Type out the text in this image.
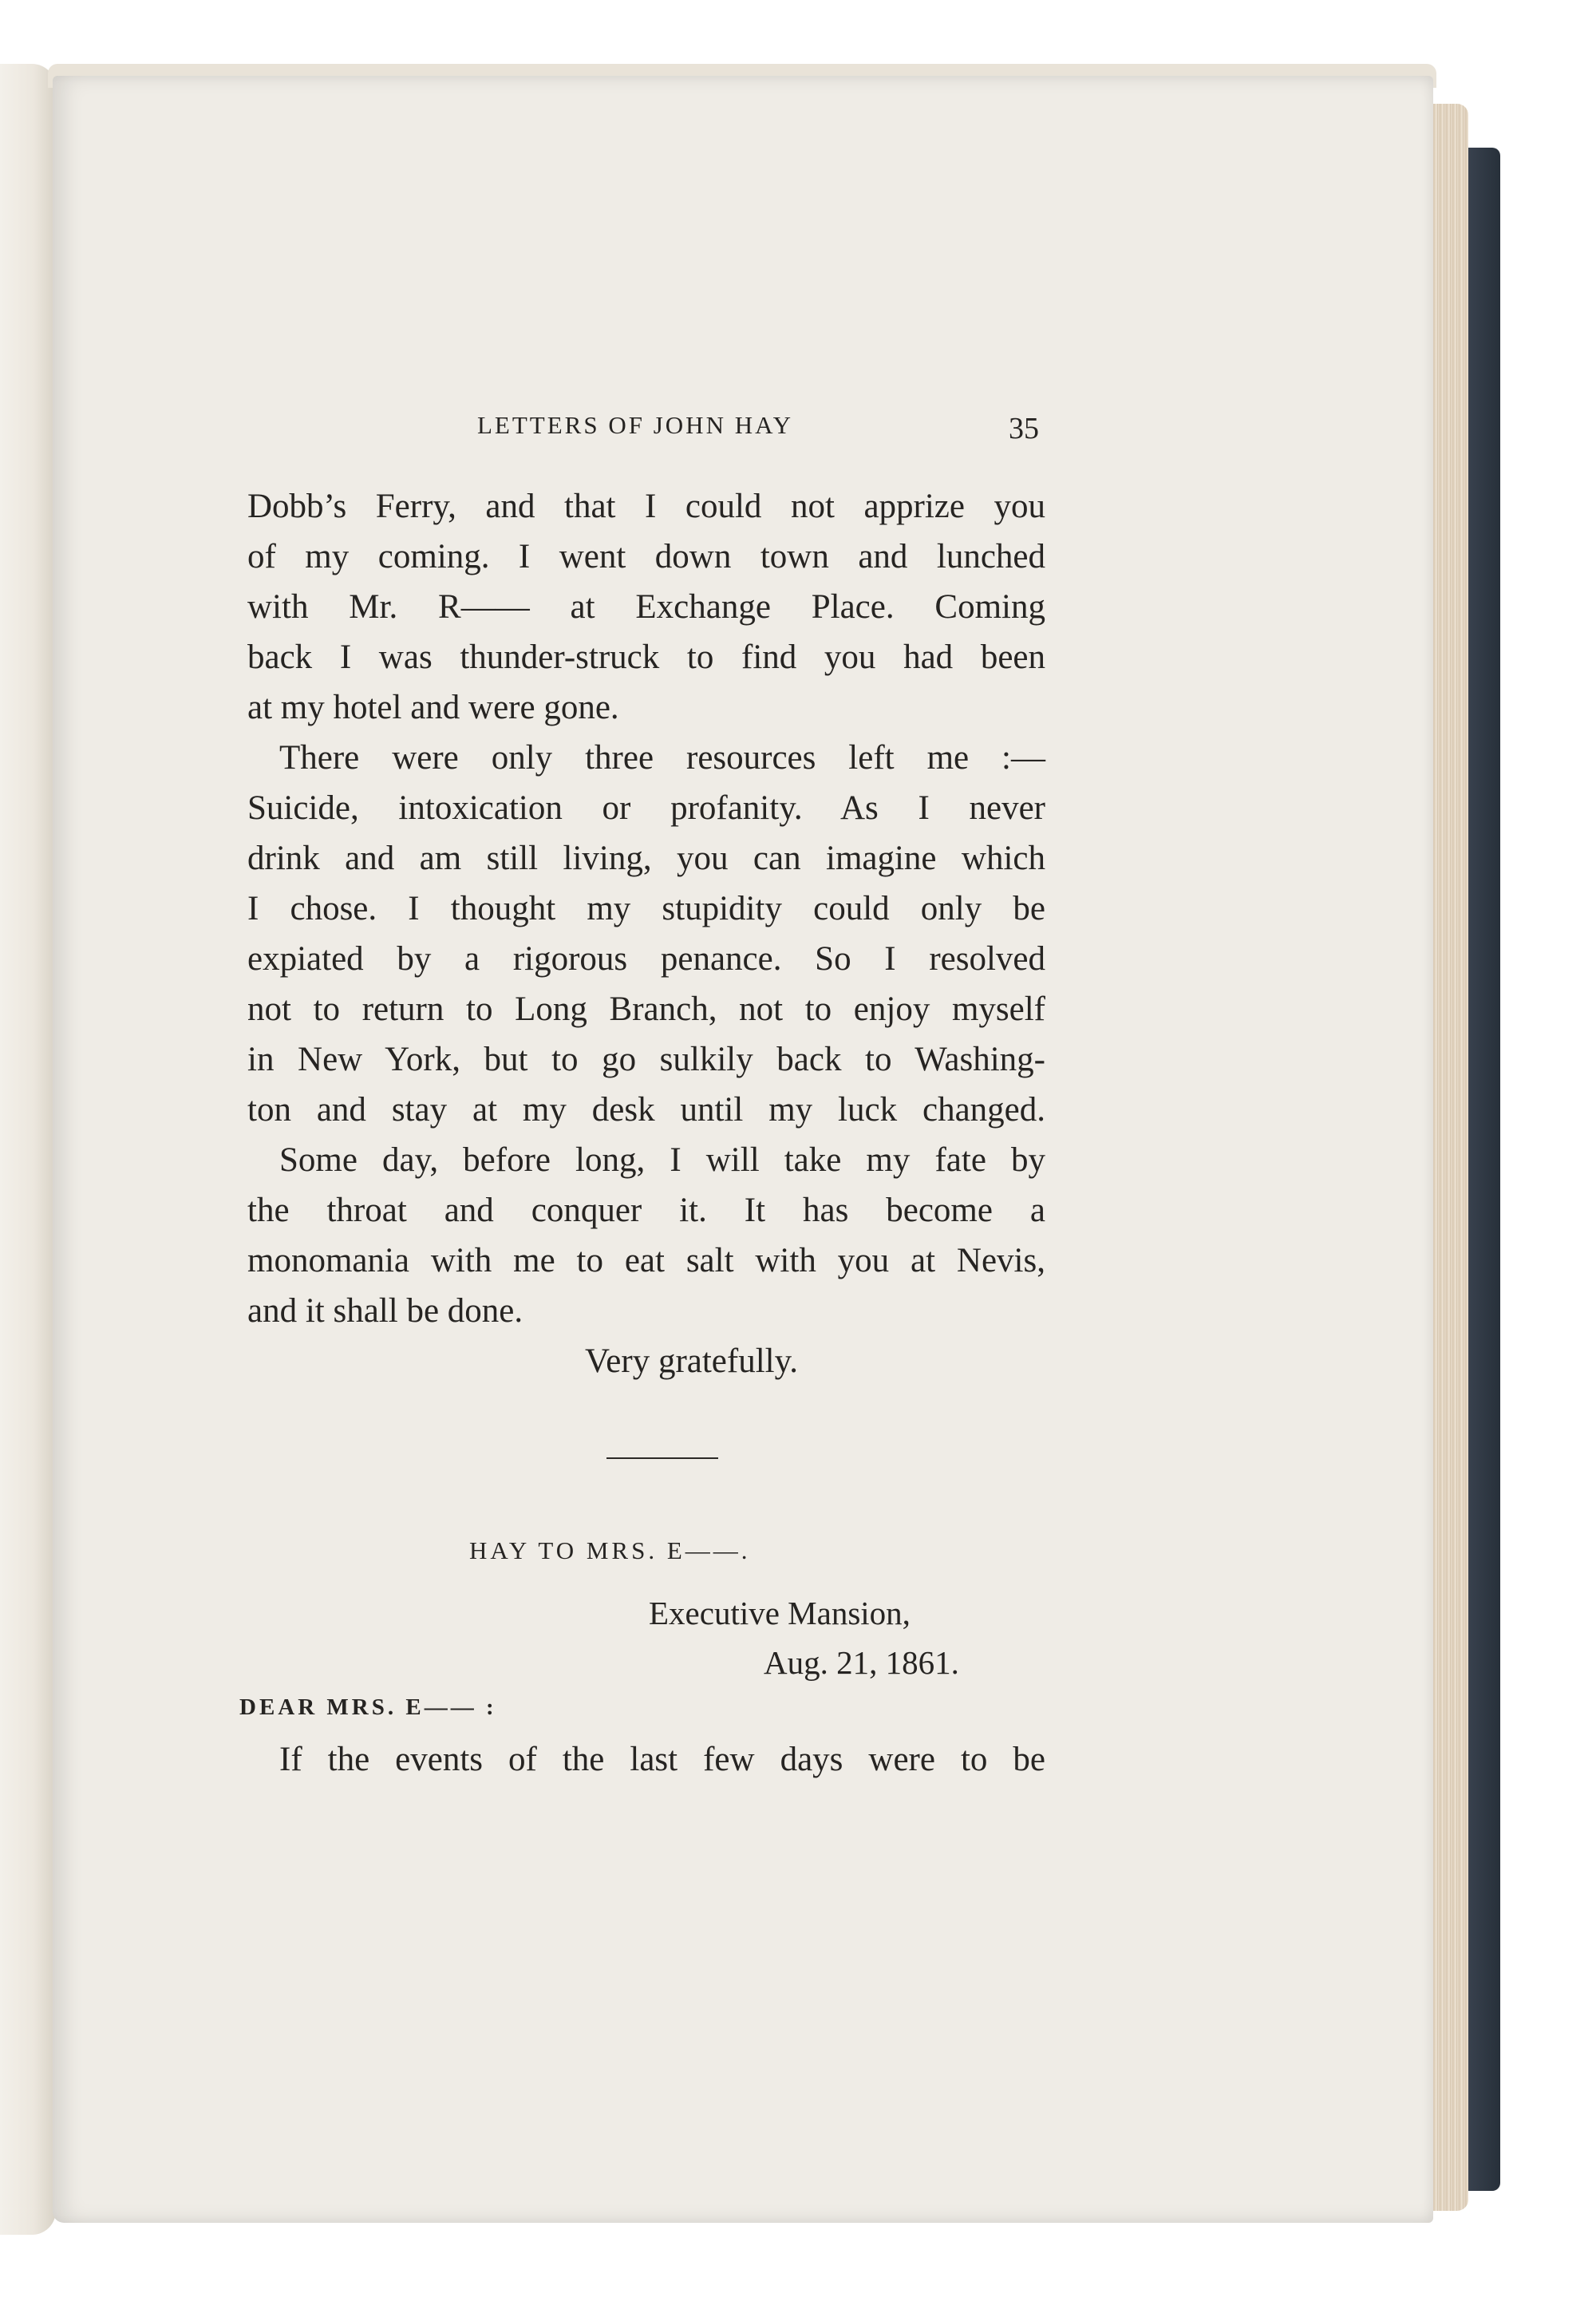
LETTERS OF JOHN HAY	35
Dobb’s Ferry, and that I could not apprize you
of my coming. I went down town and lunched
with Mr. R—— at Exchange Place. Coming
back I was thunder-struck to find you had been
at my hotel and were gone.
There were only three resources left me :—
Suicide, intoxication or profanity. As I never
drink and am still living, you can imagine which
I chose. I thought my stupidity could only be
expiated by a rigorous penance. So I resolved
not to return to Long Branch, not to enjoy myself
in New York, but to go sulkily back to Washing-
ton and stay at my desk until my luck changed.
Some day, before long, I will take my fate by
the throat and conquer it. It has become a
monomania with me to eat salt with you at Nevis,
and it shall be done.
Very gratefully.
HAY TO MRS. E——.
Executive Mansion,
Aug. 21, 1861.
DEAR MRS. E—— :
If the events of the last few days were to be
